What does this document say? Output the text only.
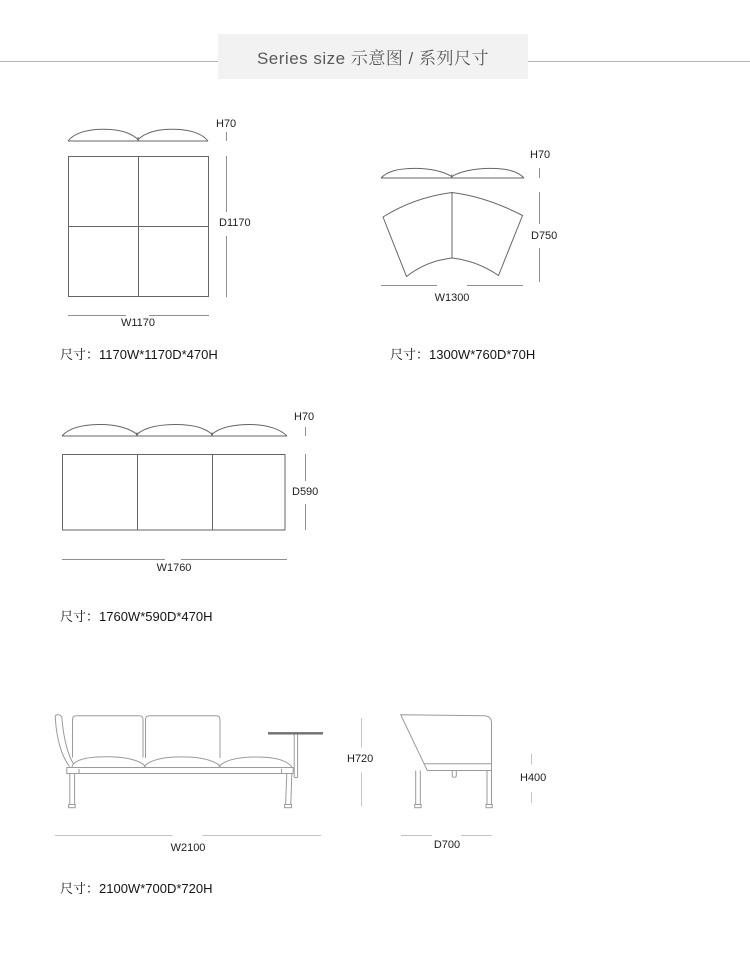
Series size 示意图 / 系列尺寸
H70
D1170
W1170
H70
D750
W1300
H70
D590
W1760
H720
W2100
H400
D700
尺寸：1170W*1170D*470H	尺寸：1300W*760D*70H
尺寸：1760W*590D*470H
尺寸：2100W*700D*720H
